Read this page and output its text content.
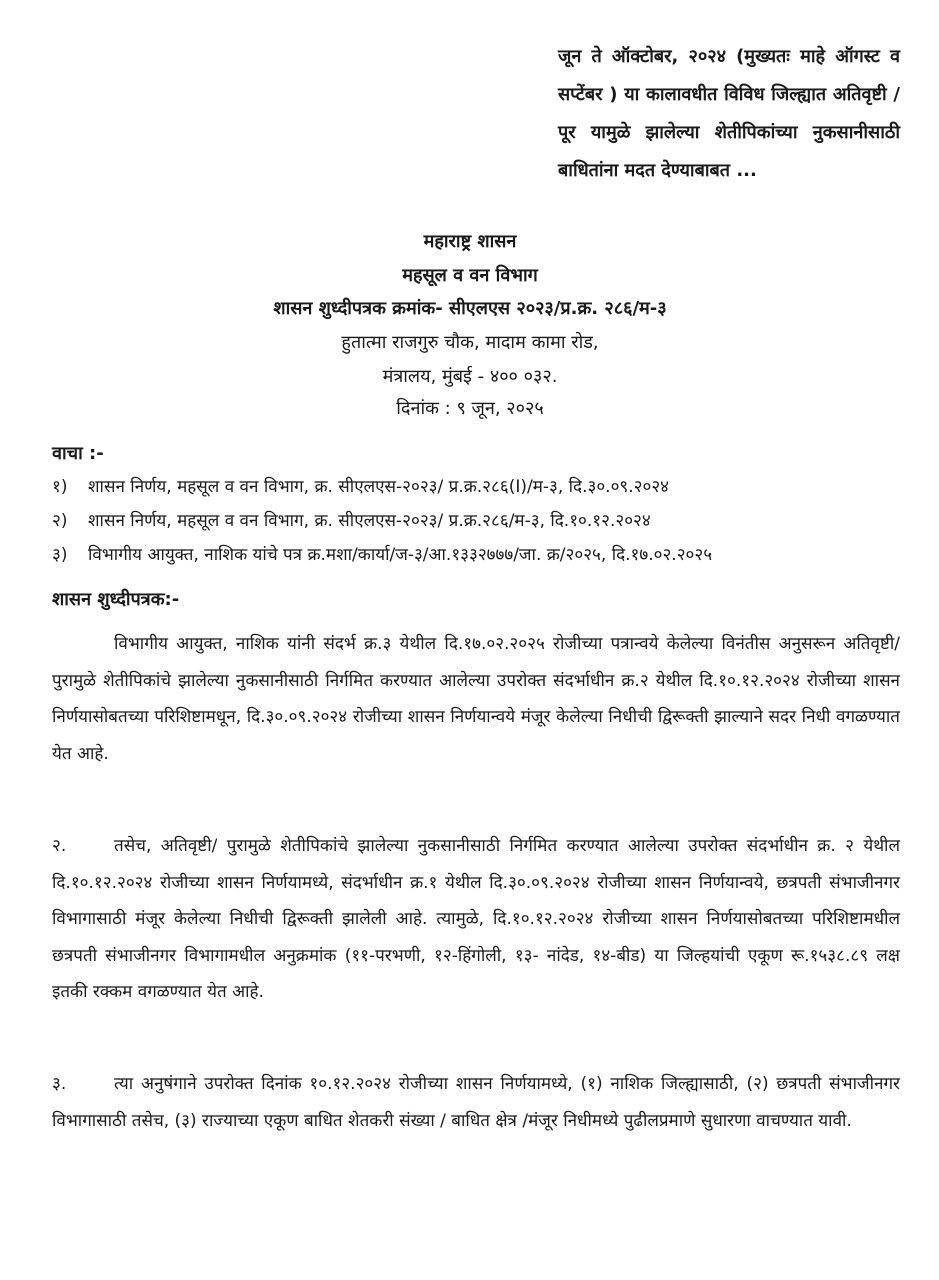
जून ते ऑक्टोबर, २०२४ (मुख्यतः माहे ऑगस्ट व सप्टेंबर ) या कालावधीत विविध जिल्ह्यात अतिवृष्टी / पूर यामुळे झालेल्या शेतीपिकांच्या नुकसानीसाठी बाधितांना मदत देण्याबाबत ...
महाराष्ट्र शासन
महसूल व वन विभाग
शासन शुध्दीपत्रक क्रमांक- सीएलएस २०२३/प्र.क्र. २८६/म-३
हुतात्मा राजगुरु चौक, मादाम कामा रोड,
मंत्रालय, मुंबई - ४०० ०३२.
दिनांक : ९ जून, २०२५
वाचा :-
१)	शासन निर्णय, महसूल व वन विभाग, क्र. सीएलएस-२०२३/ प्र.क्र.२८६(I)/म-३, दि.३०.०९.२०२४
२)	शासन निर्णय, महसूल व वन विभाग, क्र. सीएलएस-२०२३/ प्र.क्र.२८६/म-३, दि.१०.१२.२०२४
३)	विभागीय आयुक्त, नाशिक यांचे पत्र क्र.मशा/कार्या/ज-३/आ.१३३२७७७/जा. क्र/२०२५, दि.१७.०२.२०२५
शासन शुध्दीपत्रक:-

विभागीय आयुक्त, नाशिक यांनी संदर्भ क्र.३ येथील दि.१७.०२.२०२५ रोजीच्या पत्रान्वये केलेल्या विनंतीस अनुसरून अतिवृष्टी/ पुरामुळे शेतीपिकांचे झालेल्या नुकसानीसाठी निर्गमित करण्यात आलेल्या उपरोक्त संदर्भाधीन क्र.२ येथील दि.१०.१२.२०२४ रोजीच्या शासन निर्णयासोबतच्या परिशिष्टामधून, दि.३०.०९.२०२४ रोजीच्या शासन निर्णयान्वये मंजूर केलेल्या निधीची द्विरूक्ती झाल्याने सदर निधी वगळण्यात येत आहे.

२.	तसेच, अतिवृष्टी/ पुरामुळे शेतीपिकांचे झालेल्या नुकसानीसाठी निर्गमित करण्यात आलेल्या उपरोक्त संदर्भाधीन क्र. २ येथील दि.१०.१२.२०२४ रोजीच्या शासन निर्णयामध्ये, संदर्भाधीन क्र.१ येथील दि.३०.०९.२०२४ रोजीच्या शासन निर्णयान्वये, छत्रपती संभाजीनगर विभागासाठी मंजूर केलेल्या निधीची द्विरूक्ती झालेली आहे. त्यामुळे, दि.१०.१२.२०२४ रोजीच्या शासन निर्णयासोबतच्या परिशिष्टामधील छत्रपती संभाजीनगर विभागामधील अनुक्रमांक (११-परभणी, १२-हिंगोली, १३- नांदेड, १४-बीड) या जिल्हयांची एकूण रू.१५३८.८९ लक्ष इतकी रक्कम वगळण्यात येत आहे.

३.	त्या अनुषंगाने उपरोक्त दिनांक १०.१२.२०२४ रोजीच्या शासन निर्णयामध्ये, (१) नाशिक जिल्ह्यासाठी, (२) छत्रपती संभाजीनगर विभागासाठी तसेच, (३) राज्याच्या एकूण बाधित शेतकरी संख्या / बाधित क्षेत्र /मंजूर निधीमध्ये पुढीलप्रमाणे सुधारणा वाचण्यात यावी.
